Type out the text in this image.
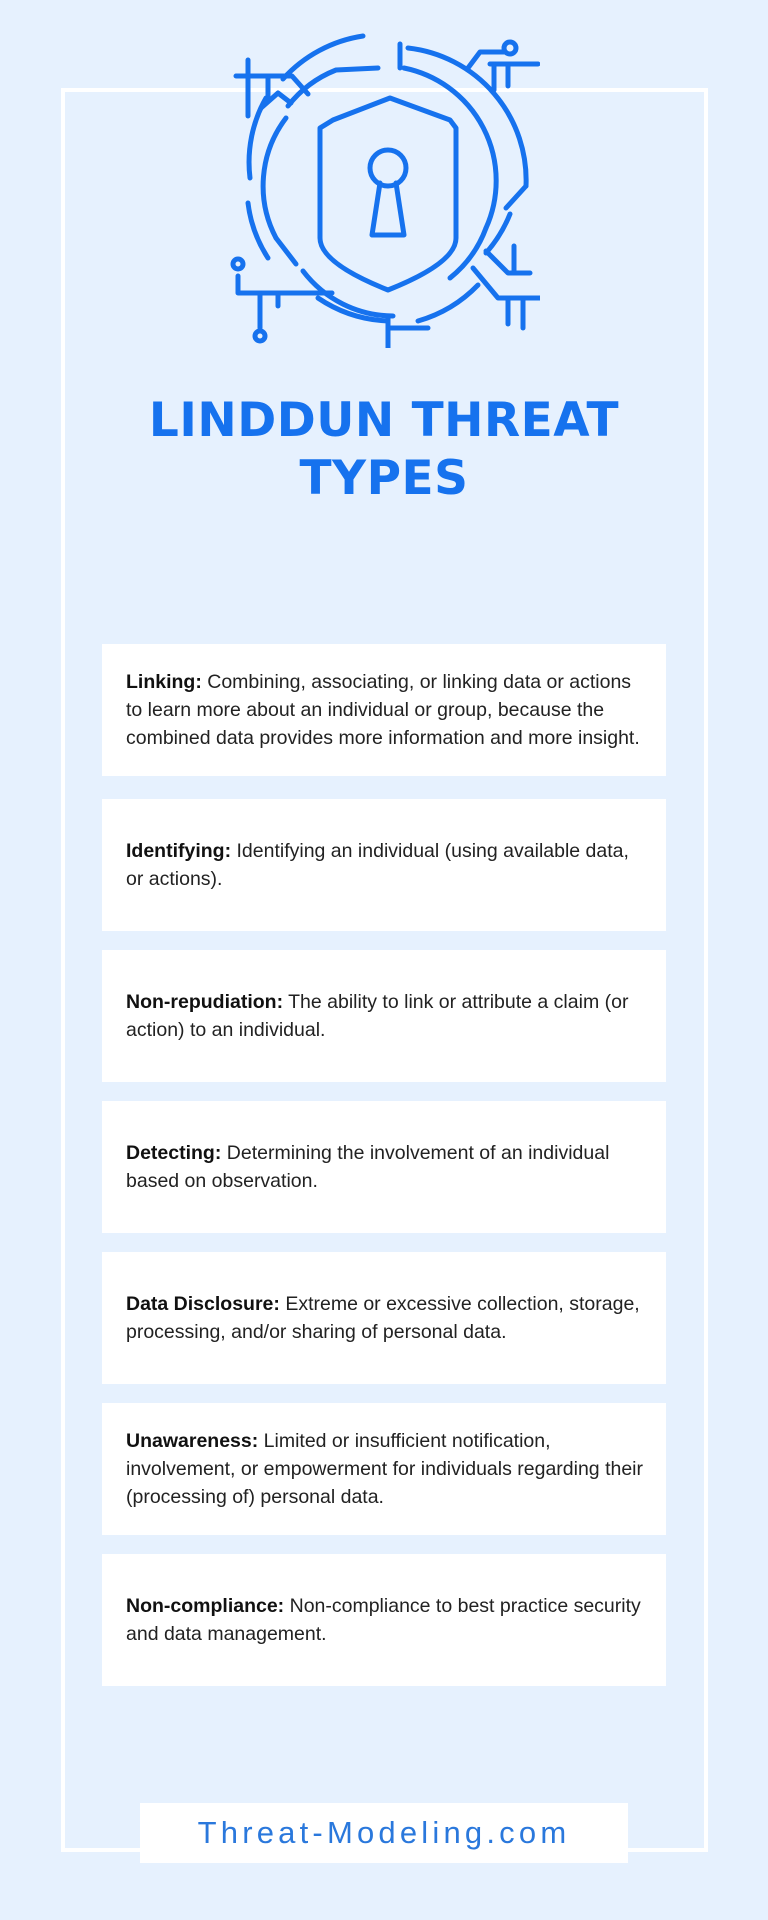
LINDDUN THREAT
TYPES

Linking: Combining, associating, or linking data or actions to learn more about an individual or group, because the combined data provides more information and more insight.

Identifying: Identifying an individual (using available data, or actions).

Non-repudiation: The ability to link or attribute a claim (or action) to an individual.

Detecting: Determining the involvement of an individual based on observation.

Data Disclosure: Extreme or excessive collection, storage, processing, and/or sharing of personal data.

Unawareness: Limited or insufficient notification, involvement, or empowerment for individuals regarding their (processing of) personal data.

Non-compliance: Non-compliance to best practice security and data management.

Threat-Modeling.com
